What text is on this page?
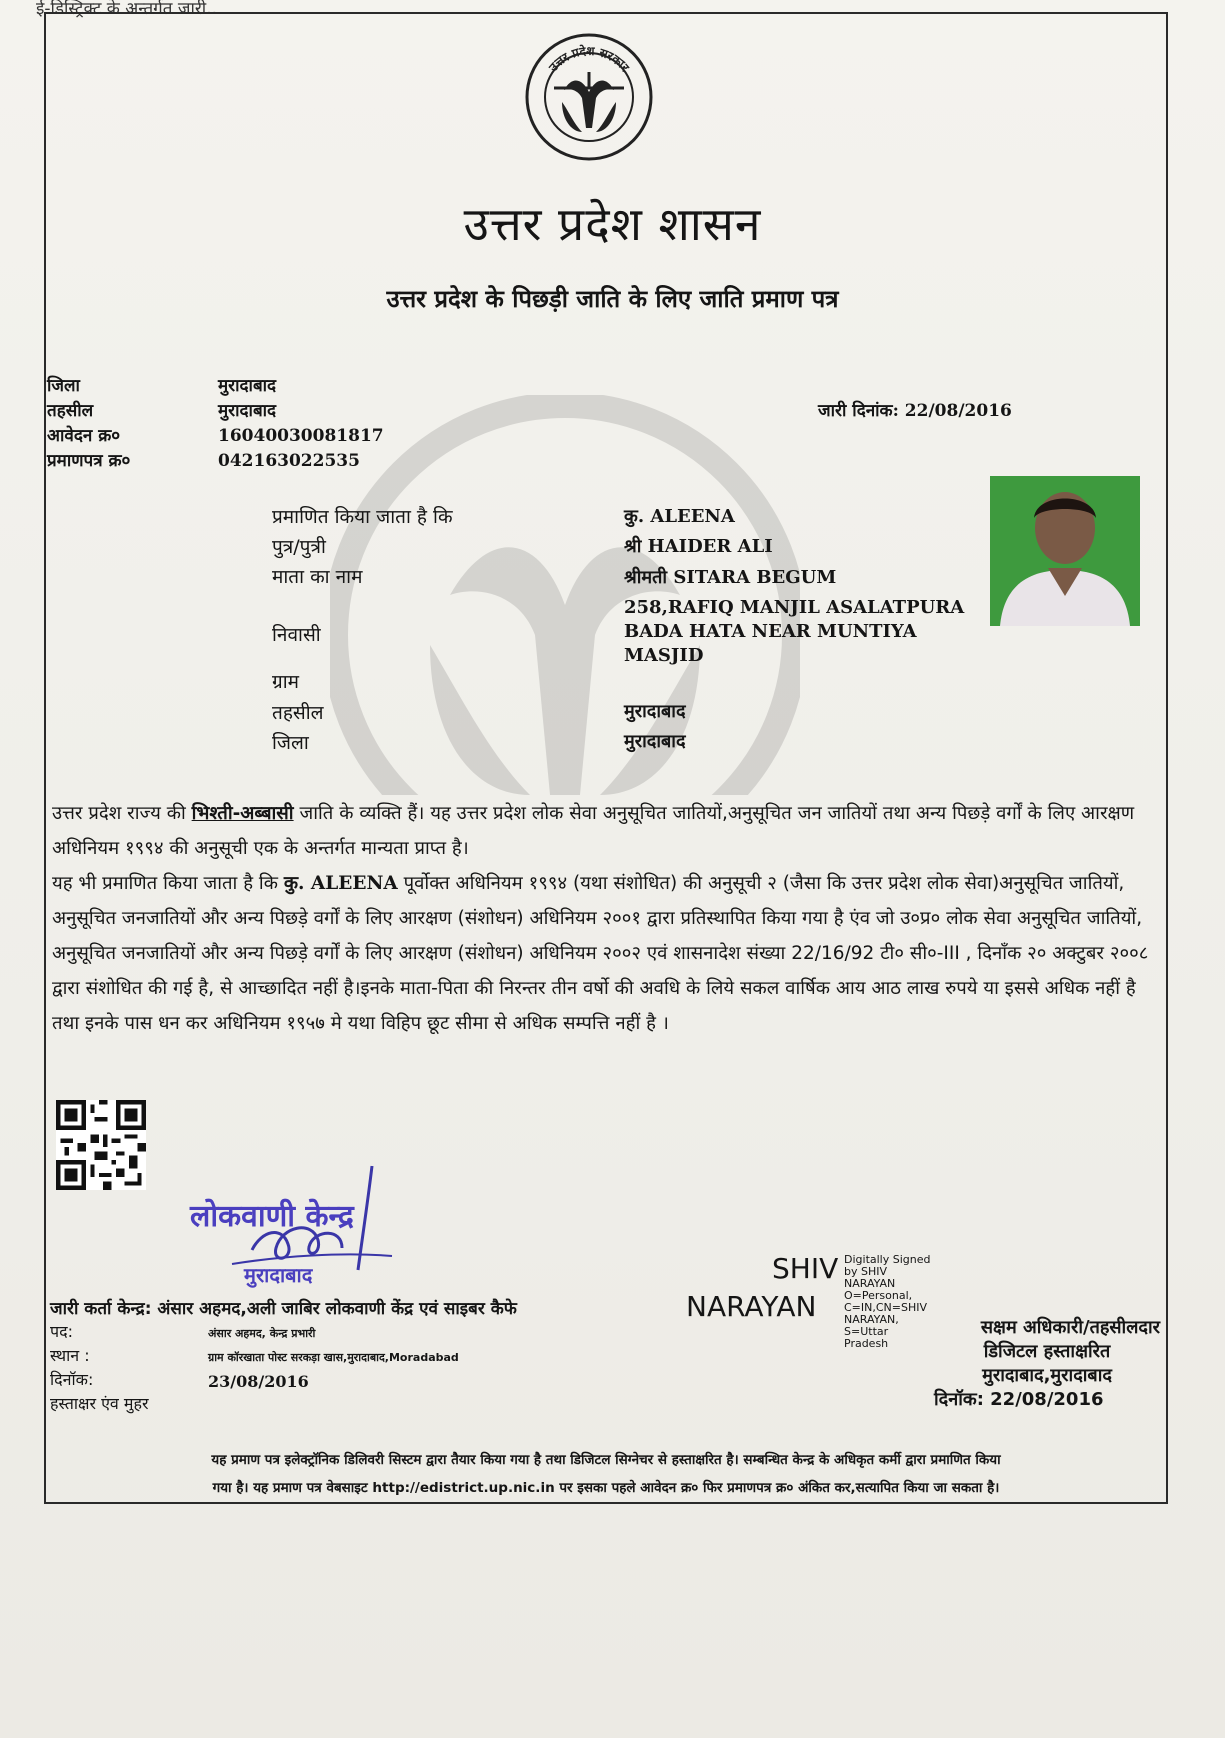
ई-डिस्ट्रिक्ट के अन्तर्गत जारी..
उत्तर प्रदेश सरकार
उत्तर प्रदेश शासन
उत्तर प्रदेश के पिछड़ी जाति के लिए जाति प्रमाण पत्र
जिला
तहसील
आवेदन क्र०
प्रमाणपत्र क्र०
मुरादाबाद
मुरादाबाद
16040030081817
042163022535
जारी दिनांक: 22/08/2016
प्रमाणित किया जाता है कि
पुत्र/पुत्री
माता का नाम
निवासी
ग्राम
तहसील
जिला
कु. ALEENA
श्री HAIDER ALI
श्रीमती SITARA BEGUM
258,RAFIQ MANJIL ASALATPURA
BADA HATA NEAR MUNTIYA
MASJID
मुरादाबाद
मुरादाबाद
उत्तर प्रदेश राज्य की भिश्ती-अब्बासी जाति के व्यक्ति हैं। यह उत्तर प्रदेश लोक सेवा अनुसूचित जातियों,अनुसूचित जन जातियों तथा अन्य पिछड़े वर्गों के लिए आरक्षण अधिनियम १९९४ की अनुसूची एक के अन्तर्गत मान्यता प्राप्त है।
यह भी प्रमाणित किया जाता है कि कु. ALEENA पूर्वोक्त अधिनियम १९९४ (यथा संशोधित) की अनुसूची २ (जैसा कि उत्तर प्रदेश लोक सेवा)अनुसूचित जातियों, अनुसूचित जनजातियों और अन्य पिछड़े वर्गों के लिए आरक्षण (संशोधन) अधिनियम २००१ द्वारा प्रतिस्थापित किया गया है एंव जो उ०प्र० लोक सेवा अनुसूचित जातियों, अनुसूचित जनजातियों और अन्य पिछड़े वर्गों के लिए आरक्षण (संशोधन) अधिनियम २००२ एवं शासनादेश संख्या 22/16/92 टी० सी०-III , दिनाँक २० अक्टुबर २००८ द्वारा संशोधित की गई है, से आच्छादित नहीं है।इनके माता-पिता की निरन्तर तीन वर्षो की अवधि के लिये सकल वार्षिक आय आठ लाख रुपये या इससे अधिक नहीं है तथा इनके पास धन कर अधिनियम १९५७ मे यथा विहिप छूट सीमा से अधिक सम्पत्ति नहीं है ।
लोकवाणी केन्द्र
मुरादाबाद
जारी कर्ता केन्द्र: अंसार अहमद,अली जाबिर लोकवाणी केंद्र एवं साइबर कैफे
पद:
स्थान :
दिनॉक:
हस्ताक्षर एंव मुहर
अंसार अहमद, केन्द्र प्रभारी
ग्राम कॉरखाता पोस्ट सरकड़ा खास,मुरादाबाद,Moradabad
23/08/2016
SHIV
NARAYAN
Digitally Signed
by SHIV
NARAYAN
O=Personal,
C=IN,CN=SHIV
NARAYAN,
S=Uttar
Pradesh
सक्षम अधिकारी/तहसीलदार
डिजिटल हस्ताक्षरित
मुरादाबाद,मुरादाबाद
दिनॉक: 22/08/2016
यह प्रमाण पत्र इलेक्ट्रॉनिक डिलिवरी सिस्टम द्वारा तैयार किया गया है तथा डिजिटल सिग्नेचर से हस्ताक्षरित है। सम्बन्धित केन्द्र के अधिकृत कर्मी द्वारा प्रमाणित किया
गया है। यह प्रमाण पत्र वेबसाइट http://edistrict.up.nic.in पर इसका पहले आवेदन क्र० फिर प्रमाणपत्र क्र० अंकित कर,सत्यापित किया जा सकता है।
